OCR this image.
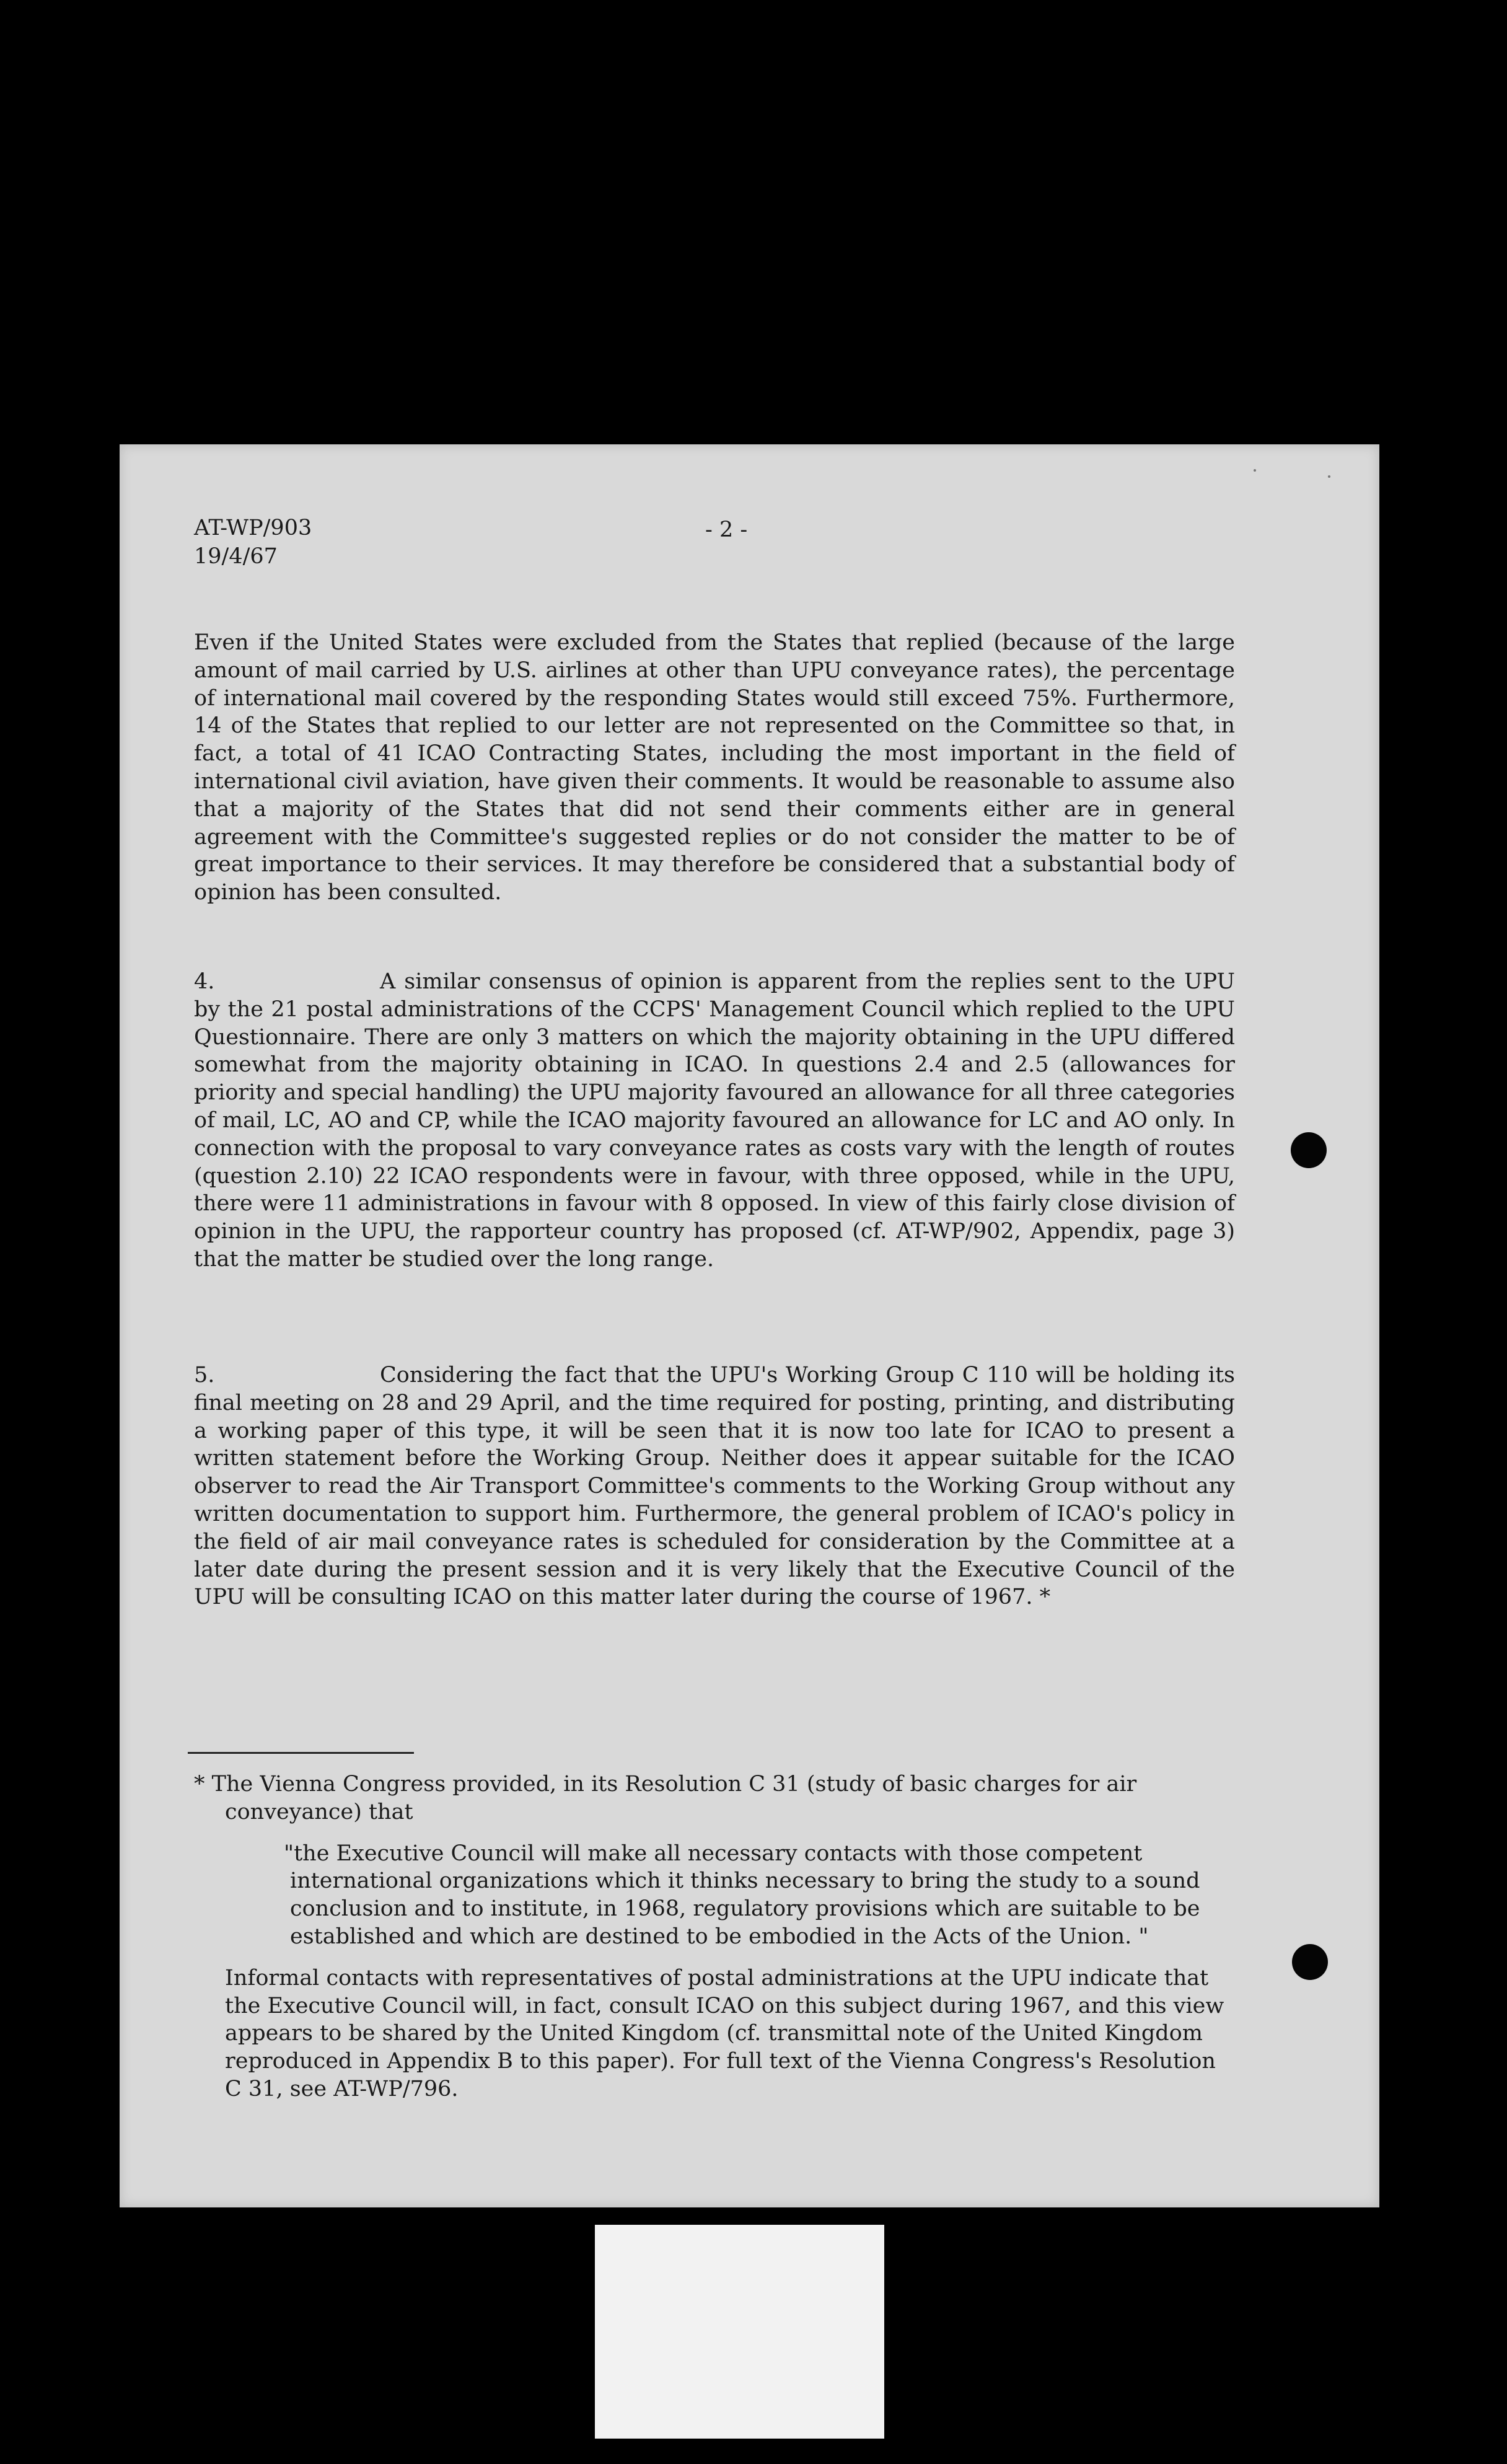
AT-WP/903
19/4/67
- 2 -

Even if the United States were excluded from the States that replied (because of the large amount of mail carried by U.S. airlines at other than UPU conveyance rates), the percentage of international mail covered by the responding States would still exceed 75%. Furthermore, 14 of the States that replied to our letter are not represented on the Committee so that, in fact, a total of 41 ICAO Contracting States, including the most important in the field of international civil aviation, have given their comments. It would be reasonable to assume also that a majority of the States that did not send their comments either are in general agreement with the Committee's suggested replies or do not consider the matter to be of great importance to their services. It may therefore be considered that a substantial body of opinion has been consulted.

4.	A similar consensus of opinion is apparent from the replies sent to the UPU by the 21 postal administrations of the CCPS' Management Council which replied to the UPU Questionnaire. There are only 3 matters on which the majority obtaining in the UPU differed somewhat from the majority obtaining in ICAO. In questions 2.4 and 2.5 (allowances for priority and special handling) the UPU majority favoured an allowance for all three categories of mail, LC, AO and CP, while the ICAO majority favoured an allowance for LC and AO only. In connection with the proposal to vary conveyance rates as costs vary with the length of routes (question 2.10) 22 ICAO respondents were in favour, with three opposed, while in the UPU, there were 11 administrations in favour with 8 opposed. In view of this fairly close division of opinion in the UPU, the rapporteur country has proposed (cf. AT-WP/902, Appendix, page 3) that the matter be studied over the long range.

5.	Considering the fact that the UPU's Working Group C 110 will be holding its final meeting on 28 and 29 April, and the time required for posting, printing, and distributing a working paper of this type, it will be seen that it is now too late for ICAO to present a written statement before the Working Group. Neither does it appear suitable for the ICAO observer to read the Air Transport Committee's comments to the Working Group without any written documentation to support him. Furthermore, the general problem of ICAO's policy in the field of air mail conveyance rates is scheduled for consideration by the Committee at a later date during the present session and it is very likely that the Executive Council of the UPU will be consulting ICAO on this matter later during the course of 1967. *

* The Vienna Congress provided, in its Resolution C 31 (study of basic charges for air conveyance) that

"the Executive Council will make all necessary contacts with those competent international organizations which it thinks necessary to bring the study to a sound conclusion and to institute, in 1968, regulatory provisions which are suitable to be established and which are destined to be embodied in the Acts of the Union. "

Informal contacts with representatives of postal administrations at the UPU indicate that the Executive Council will, in fact, consult ICAO on this subject during 1967, and this view appears to be shared by the United Kingdom (cf. transmittal note of the United Kingdom reproduced in Appendix B to this paper). For full text of the Vienna Congress's Resolution C 31, see AT-WP/796.
